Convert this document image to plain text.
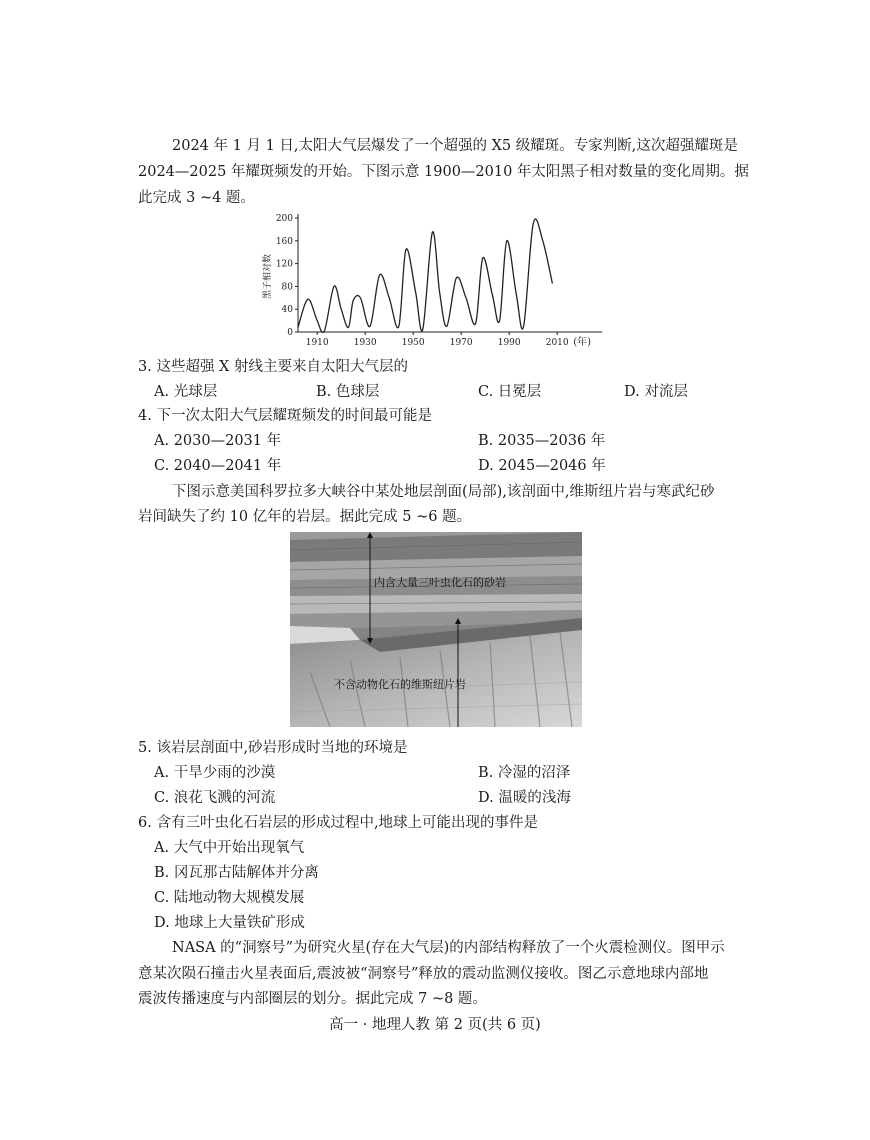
2024 年 1 月 1 日,太阳大气层爆发了一个超强的 X5 级耀斑。专家判断,这次超强耀斑是
2024—2025 年耀斑频发的开始。下图示意 1900—2010 年太阳黑子相对数量的变化周期。据
此完成 3 ~4 题。
0
40
80
120
160
200
1910	1930	1950	1970	1990	2010
黑子相对数
(年)
3. 这些超强 X 射线主要来自太阳大气层的
A. 光球层	B. 色球层	C. 日冕层	D. 对流层
4. 下一次太阳大气层耀斑频发的时间最可能是
A. 2030—2031 年	B. 2035—2036 年
C. 2040—2041 年	D. 2045—2046 年
下图示意美国科罗拉多大峡谷中某处地层剖面(局部),该剖面中,维斯纽片岩与寒武纪砂
岩间缺失了约 10 亿年的岩层。据此完成 5 ~6 题。
内含大量三叶虫化石的砂岩
不含动物化石的维斯纽片岩
5. 该岩层剖面中,砂岩形成时当地的环境是
A. 干旱少雨的沙漠	B. 冷湿的沼泽
C. 浪花飞溅的河流	D. 温暖的浅海
6. 含有三叶虫化石岩层的形成过程中,地球上可能出现的事件是
A. 大气中开始出现氧气
B. 冈瓦那古陆解体并分离
C. 陆地动物大规模发展
D. 地球上大量铁矿形成
NASA 的“洞察号”为研究火星(存在大气层)的内部结构释放了一个火震检测仪。图甲示
意某次陨石撞击火星表面后,震波被“洞察号”释放的震动监测仪接收。图乙示意地球内部地
震波传播速度与内部圈层的划分。据此完成 7 ~8 题。
高一 · 地理人教 第 2 页(共 6 页)
